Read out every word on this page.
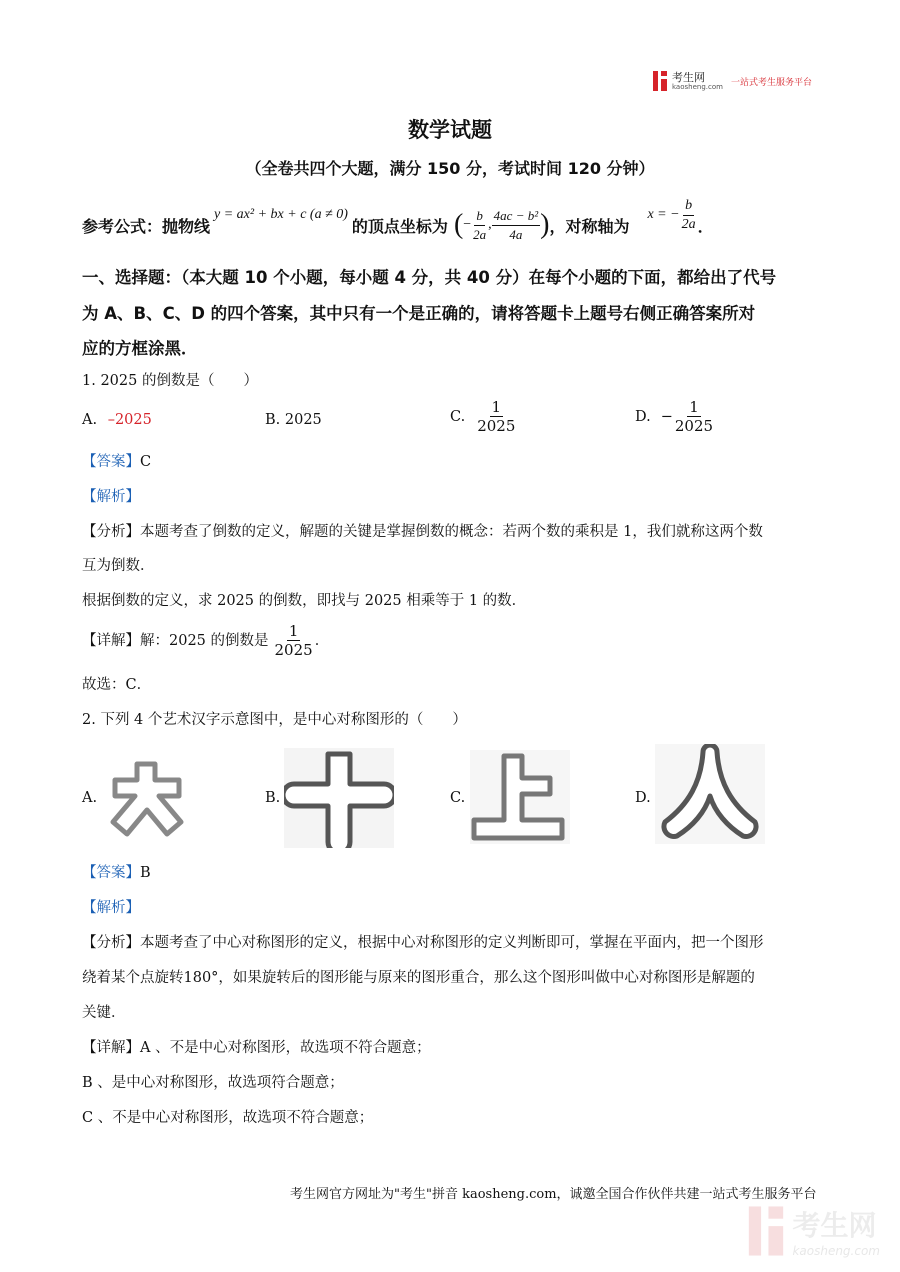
考生网
kaosheng.com 一站式考生服务平台
数学试题
（全卷共四个大题，满分 150 分，考试时间 120 分钟）
参考公式：抛物线
y = ax² + bx + c (a ≠ 0)
的顶点坐标为 ( − $\frac{b}{2a}$ , $\frac{\text{4ac − b²}}{4a}$ ) ，对称轴为
x = − $\frac{b}{2a}$ ．
一、选择题：（本大题 10 个小题，每小题 4 分，共 40 分）在每个小题的下面，都给出了代号
为 A、B、C、D 的四个答案，其中只有一个是正确的，请将答题卡上题号右侧正确答案所对
应的方框涂黑．
1. 2025 的倒数是（　　）
A. –2025	B. 2025	C. $\frac{1}{2025}$	D. − $\frac{1}{2025}$
【答案】C
【解析】
【分析】本题考查了倒数的定义，解题的关键是掌握倒数的概念：若两个数的乘积是 1，我们就称这两个数
互为倒数．
根据倒数的定义，求 2025 的倒数，即找与 2025 相乘等于 1 的数．
【详解】解：2025 的倒数是 $\frac{1}{2025}$ ．
故选：C．
2. 下列 4 个艺术汉字示意图中，是中心对称图形的（　　）
A.	B.	C.	D.
【答案】B
【解析】
【分析】本题考查了中心对称图形的定义，根据中心对称图形的定义判断即可，掌握在平面内，把一个图形
绕着某个点旋转180°，如果旋转后的图形能与原来的图形重合，那么这个图形叫做中心对称图形是解题的
关键．
【详解】A 、不是中心对称图形，故选项不符合题意；
B 、是中心对称图形，故选项符合题意；
C 、不是中心对称图形，故选项不符合题意；
考生网官方网址为"考生"拼音 kaosheng.com，诚邀全国合作伙伴共建一站式考生服务平台
考生网
kaosheng.com
